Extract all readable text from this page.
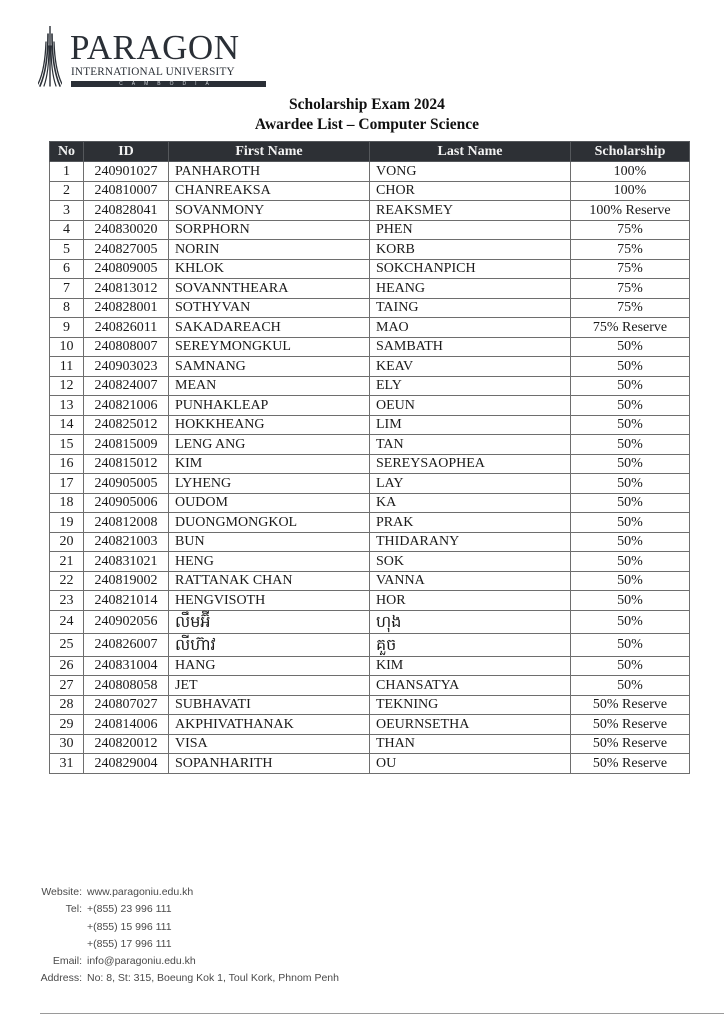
PARAGON
INTERNATIONAL UNIVERSITY
CAMBODIA
Scholarship Exam 2024
Awardee List – Computer Science
No	ID	First Name	Last Name	Scholarship
1	240901027	PANHAROTH	VONG	100%
2	240810007	CHANREAKSA	CHOR	100%
3	240828041	SOVANMONY	REAKSMEY	100% Reserve
4	240830020	SORPHORN	PHEN	75%
5	240827005	NORIN	KORB	75%
6	240809005	KHLOK	SOKCHANPICH	75%
7	240813012	SOVANNTHEARA	HEANG	75%
8	240828001	SOTHYVAN	TAING	75%
9	240826011	SAKADAREACH	MAO	75% Reserve
10	240808007	SEREYMONGKUL	SAMBATH	50%
11	240903023	SAMNANG	KEAV	50%
12	240824007	MEAN	ELY	50%
13	240821006	PUNHAKLEAP	OEUN	50%
14	240825012	HOKKHEANG	LIM	50%
15	240815009	LENG ANG	TAN	50%
16	240815012	KIM	SEREYSAOPHEA	50%
17	240905005	LYHENG	LAY	50%
18	240905006	OUDOM	KA	50%
19	240812008	DUONGMONGKOL	PRAK	50%
20	240821003	BUN	THIDARANY	50%
21	240831021	HENG	SOK	50%
22	240819002	RATTANAK CHAN	VANNA	50%
23	240821014	HENGVISOTH	HOR	50%
24	240902056	លឹមអ៊ី	ហុង	50%
25	240826007	លីហ៊ាវ	គួច	50%
26	240831004	HANG	KIM	50%
27	240808058	JET	CHANSATYA	50%
28	240807027	SUBHAVATI	TEKNING	50% Reserve
29	240814006	AKPHIVATHANAK	OEURNSETHA	50% Reserve
30	240820012	VISA	THAN	50% Reserve
31	240829004	SOPANHARITH	OU	50% Reserve
Website: www.paragoniu.edu.kh
Tel: +(855) 23 996 111
+(855) 15 996 111
+(855) 17 996 111
Email: info@paragoniu.edu.kh
Address: No: 8, St: 315, Boeung Kok 1, Toul Kork, Phnom Penh
